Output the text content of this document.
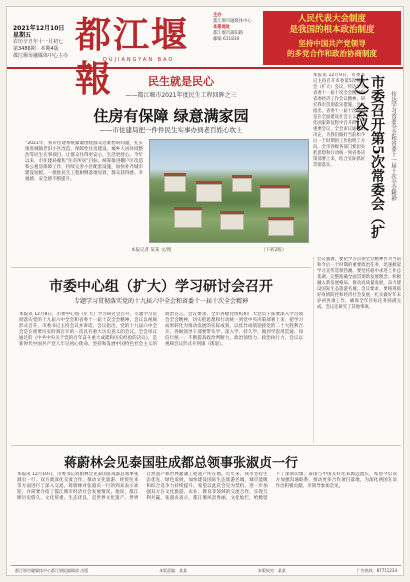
2021年12月10日
星期五
农历辛丑年十一月初七
第3486期 · 本期4版
都江堰市融媒体中心主办 都江堰報
DUJIANGYAN BAO
主办
都江堰市融媒体中心
本报地址
都江堰市蒲阳路
邮编 611830
人民代表大会制度
是我国的根本政治制度
坚持中国共产党领导
的多党合作和政治协商制度
民生就是民心
——都江堰市2021年度民生工程回眸之三
住房有保障 绿意满家园
——市住建局把一件件民生实事办到老百姓心坎上
“2021年，我市住建系统紧紧围绕群众急难愁盼问题，扎实推进城镇老旧小区改造、保障性住房建设、城乡人居环境整治等民生实事项目，让群众住得更安心、生活更舒心。今年以来，市住建局聚焦“住有所居”目标，统筹推进棚户区改造和公租房保障工作，持续完善小区配套设施，加快补齐城市建设短板，一批批民生工程相继落地见效，群众获得感、幸福感、安全感不断提升。
本报记者 某某 文/图	（下转2版）
本报讯 12月9日，市委书记主持召开市委第5次常委会（扩大）会议，传达学习省委十一届十次全会精神和省委经济工作会议精神，研究我市贯彻落实措施。会议指出，省委十一届十次全会是在全面建设社会主义现代化国家新征程中召开的一次重要会议，全会审议通过的决定，为我们做好当前和今后一个时期的工作指明了方向。全市各级各部门要切实把思想和行动统一到省委决策部署上来，结合实际抓好贯彻落实。	市委召开第5次常委会（扩大）会议	传达学习省委全会和省委十一届十次全会精神
市委中心组（扩大）学习研讨会召开
专题学习贯彻落实党的十九届六中全会和省委十一届十次全会精神
本报讯 12月8日，市委中心组（扩大）学习研讨会召开，专题学习贯彻落实党的十九届六中全会和省委十一届十次全会精神。会议以视频形式召开，市委书记主持会议并讲话。会议指出，党的十九届六中全会是在重要历史时刻召开的一次具有重大历史意义的会议。全会审议通过的《中共中央关于党的百年奋斗重大成就和历史经验的决议》，是新时代中国共产党人牢记初心使命、坚持和发展中国特色社会主义的政治宣言。会议要求，全市各级党组织和广大党员干部要深入学习领会全会精神，切实把思想和行动统一到党中央决策部署上来，把学习成果转化为推动发展的实际成效，以优异成绩迎接党的二十大胜利召开。各级领导干部要带头学、深入学、持久学，做到学思用贯通、知信行统一，不断提高政治判断力、政治领悟力、政治执行力。会议以视频会议形式开到镇（街道）。
会议强调，要把学习贯彻全会精神作为当前和今后一个时期的重要政治任务，迅速掀起学习宣传贯彻热潮。要坚持稳中求进工作总基调，完整准确全面贯彻新发展理念，积极融入新发展格局，推动高质量发展，奋力建设国际生态旅游名城。会议要求，要统筹抓好疫情防控和经济社会发展，扎实做好年末岁初各项工作，确保全年目标任务圆满完成。会议还研究了其他事项。
蒋蔚林会见泰国驻成都总领事张淑贞一行
本报讯 12月10日，市委书记蒋蔚林会见泰国驻成都总领事张淑贞一行。双方就深化交流合作、推动文化旅游、经贸往来等方面进行了深入交流。蒋蔚林对张淑贞一行的到来表示欢迎，并简要介绍了都江堰市经济社会发展情况。他说，都江堰历史悠久、文化厚重、生态优良，是世界文化遗产、世界自然遗产和世界灌溉工程遗产所在地。近年来，我市坚持生态优先、绿色发展，加快建设国际生态旅游名城，城市能级和综合竞争力持续提升。希望以此次会见为契机，进一步加强双方在文化旅游、农业、教育等领域的交流合作，实现互利共赢。张淑贞表示，都江堰风景秀丽、文化灿烂，给她留下了深刻印象。泰国与中国友好往来源远流长，希望今后双方加强沟通联系，推动更多合作项目落地，为深化两国友谊作出积极贡献。市领导参加会见。
都江堰市融媒体中心都江堰报编辑部 出版	本版责编：某某	本版校对：某某	广告热线：87711234
